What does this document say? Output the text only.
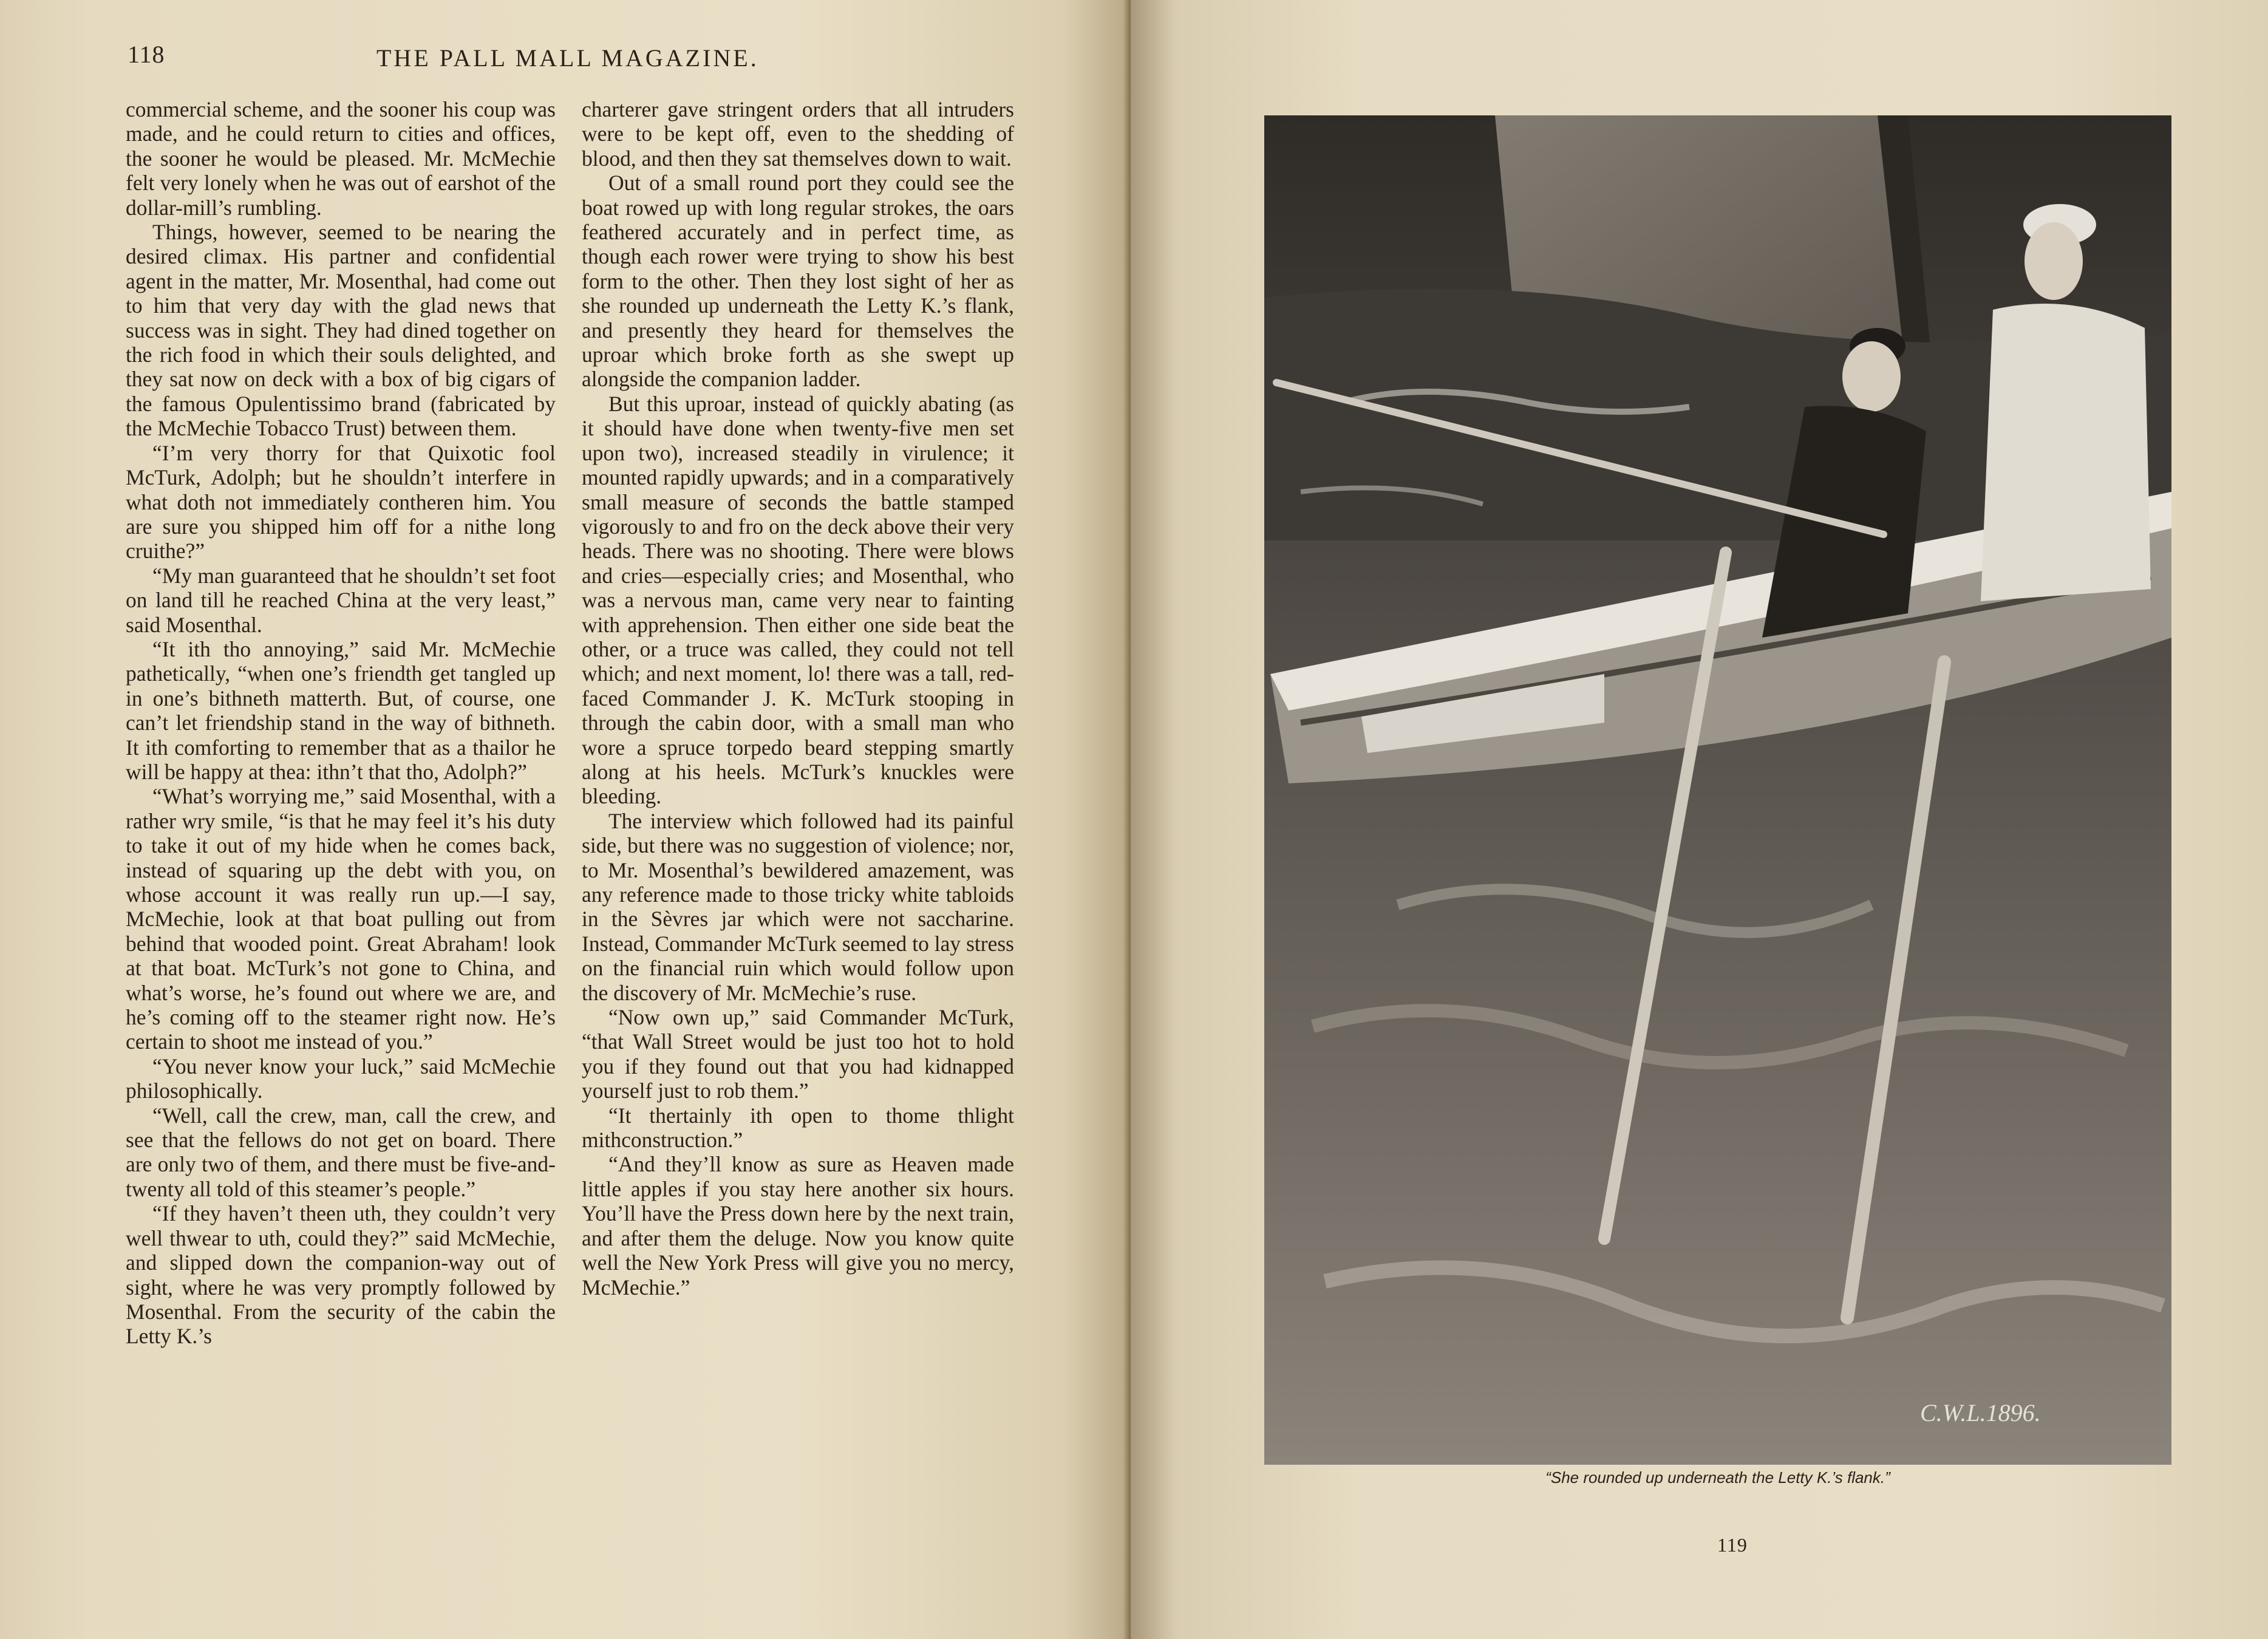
118	THE PALL MALL MAGAZINE.

commercial scheme, and the sooner his coup was made, and he could return to cities and offices, the sooner he would be pleased. Mr. McMechie felt very lonely when he was out of earshot of the dollar-mill’s rumbling.

Things, however, seemed to be nearing the desired climax. His partner and confidential agent in the matter, Mr. Mosenthal, had come out to him that very day with the glad news that success was in sight. They had dined together on the rich food in which their souls delighted, and they sat now on deck with a box of big cigars of the famous Opulentissimo brand (fabricated by the McMechie Tobacco Trust) between them.

“I’m very thorry for that Quixotic fool McTurk, Adolph; but he shouldn’t interfere in what doth not immediately contheren him. You are sure you shipped him off for a nithe long cruithe?”

“My man guaranteed that he shouldn’t set foot on land till he reached China at the very least,” said Mosenthal.

“It ith tho annoying,” said Mr. McMechie pathetically, “when one’s friendth get tangled up in one’s bithneth matterth. But, of course, one can’t let friendship stand in the way of bithneth. It ith comforting to remember that as a thailor he will be happy at thea: ithn’t that tho, Adolph?”

“What’s worrying me,” said Mosenthal, with a rather wry smile, “is that he may feel it’s his duty to take it out of my hide when he comes back, instead of squaring up the debt with you, on whose account it was really run up.—I say, McMechie, look at that boat pulling out from behind that wooded point. Great Abraham! look at that boat. McTurk’s not gone to China, and what’s worse, he’s found out where we are, and he’s coming off to the steamer right now. He’s certain to shoot me instead of you.”

“You never know your luck,” said McMechie philosophically.

“Well, call the crew, man, call the crew, and see that the fellows do not get on board. There are only two of them, and there must be five-and-twenty all told of this steamer’s people.”

“If they haven’t theen uth, they couldn’t very well thwear to uth, could they?” said McMechie, and slipped down the companion-way out of sight, where he was very promptly followed by Mosenthal. From the security of the cabin the Letty K.’s

charterer gave stringent orders that all intruders were to be kept off, even to the shedding of blood, and then they sat themselves down to wait.

Out of a small round port they could see the boat rowed up with long regular strokes, the oars feathered accurately and in perfect time, as though each rower were trying to show his best form to the other. Then they lost sight of her as she rounded up underneath the Letty K.’s flank, and presently they heard for themselves the uproar which broke forth as she swept up alongside the companion ladder.

But this uproar, instead of quickly abating (as it should have done when twenty-five men set upon two), increased steadily in virulence; it mounted rapidly upwards; and in a comparatively small measure of seconds the battle stamped vigorously to and fro on the deck above their very heads. There was no shooting. There were blows and cries—especially cries; and Mosenthal, who was a nervous man, came very near to fainting with apprehension. Then either one side beat the other, or a truce was called, they could not tell which; and next moment, lo! there was a tall, red-faced Commander J. K. McTurk stooping in through the cabin door, with a small man who wore a spruce torpedo beard stepping smartly along at his heels. McTurk’s knuckles were bleeding.

The interview which followed had its painful side, but there was no suggestion of violence; nor, to Mr. Mosenthal’s bewildered amazement, was any reference made to those tricky white tabloids in the Sèvres jar which were not saccharine. Instead, Commander McTurk seemed to lay stress on the financial ruin which would follow upon the discovery of Mr. McMechie’s ruse.

“Now own up,” said Commander McTurk, “that Wall Street would be just too hot to hold you if they found out that you had kidnapped yourself just to rob them.”

“It thertainly ith open to thome thlight mithconstruction.”

“And they’ll know as sure as Heaven made little apples if you stay here another six hours. You’ll have the Press down here by the next train, and after them the deluge. Now you know quite well the New York Press will give you no mercy, McMechie.”

C.W.L.1896.
“She rounded up underneath the Letty K.’s flank.”
119
